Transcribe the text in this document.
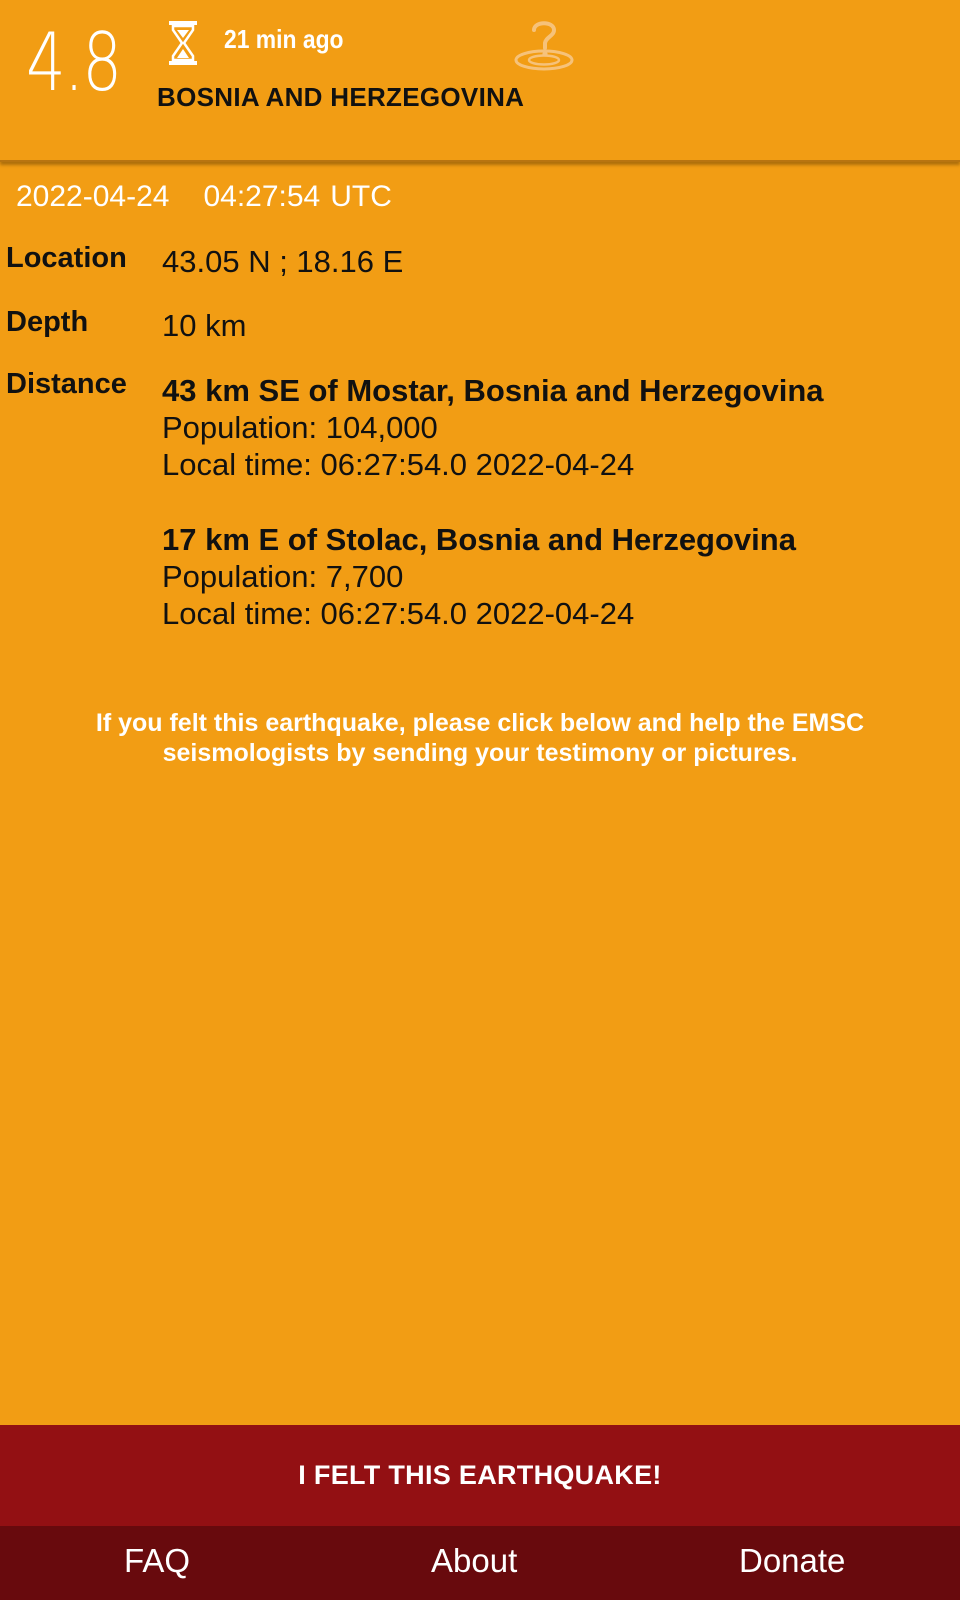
4.8	21 min ago
BOSNIA AND HERZEGOVINA
2022-04-24 04:27:54 UTC
Location 43.05 N ; 18.16 E
Depth 10 km
Distance 43 km SE of Mostar, Bosnia and Herzegovina
Population: 104,000
Local time: 06:27:54.0 2022-04-24
17 km E of Stolac, Bosnia and Herzegovina
Population: 7,700
Local time: 06:27:54.0 2022-04-24
If you felt this earthquake, please click below and help the EMSC seismologists by sending your testimony or pictures.
I FELT THIS EARTHQUAKE!
FAQ	About	Donate
